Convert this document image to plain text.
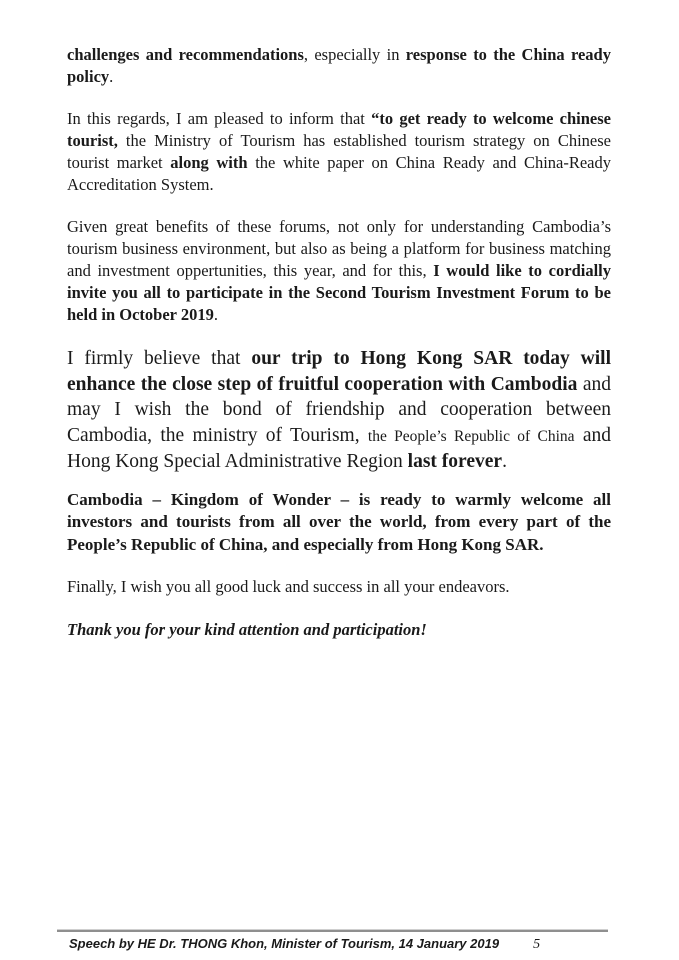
challenges and recommendations, especially in response to the China ready policy.

In this regards, I am pleased to inform that “to get ready to welcome chinese tourist, the Ministry of Tourism has established tourism strategy on Chinese tourist market along with the white paper on China Ready and China-Ready Accreditation System.

Given great benefits of these forums, not only for understanding Cambodia’s tourism business environment, but also as being a platform for business matching and investment oppertunities, this year, and for this, I would like to cordially invite you all to participate in the Second Tourism Investment Forum to be held in October 2019.

I firmly believe that our trip to Hong Kong SAR today will enhance the close step of fruitful cooperation with Cambodia and may I wish the bond of friendship and cooperation between Cambodia, the ministry of Tourism, the People’s Republic of China and Hong Kong Special Administrative Region last forever.

Cambodia – Kingdom of Wonder – is ready to warmly welcome all investors and tourists from all over the world, from every part of the People’s Republic of China, and especially from Hong Kong SAR.

Finally, I wish you all good luck and success in all your endeavors.

Thank you for your kind attention and participation!

Speech by HE Dr. THONG Khon, Minister of Tourism, 14 January 2019 5
